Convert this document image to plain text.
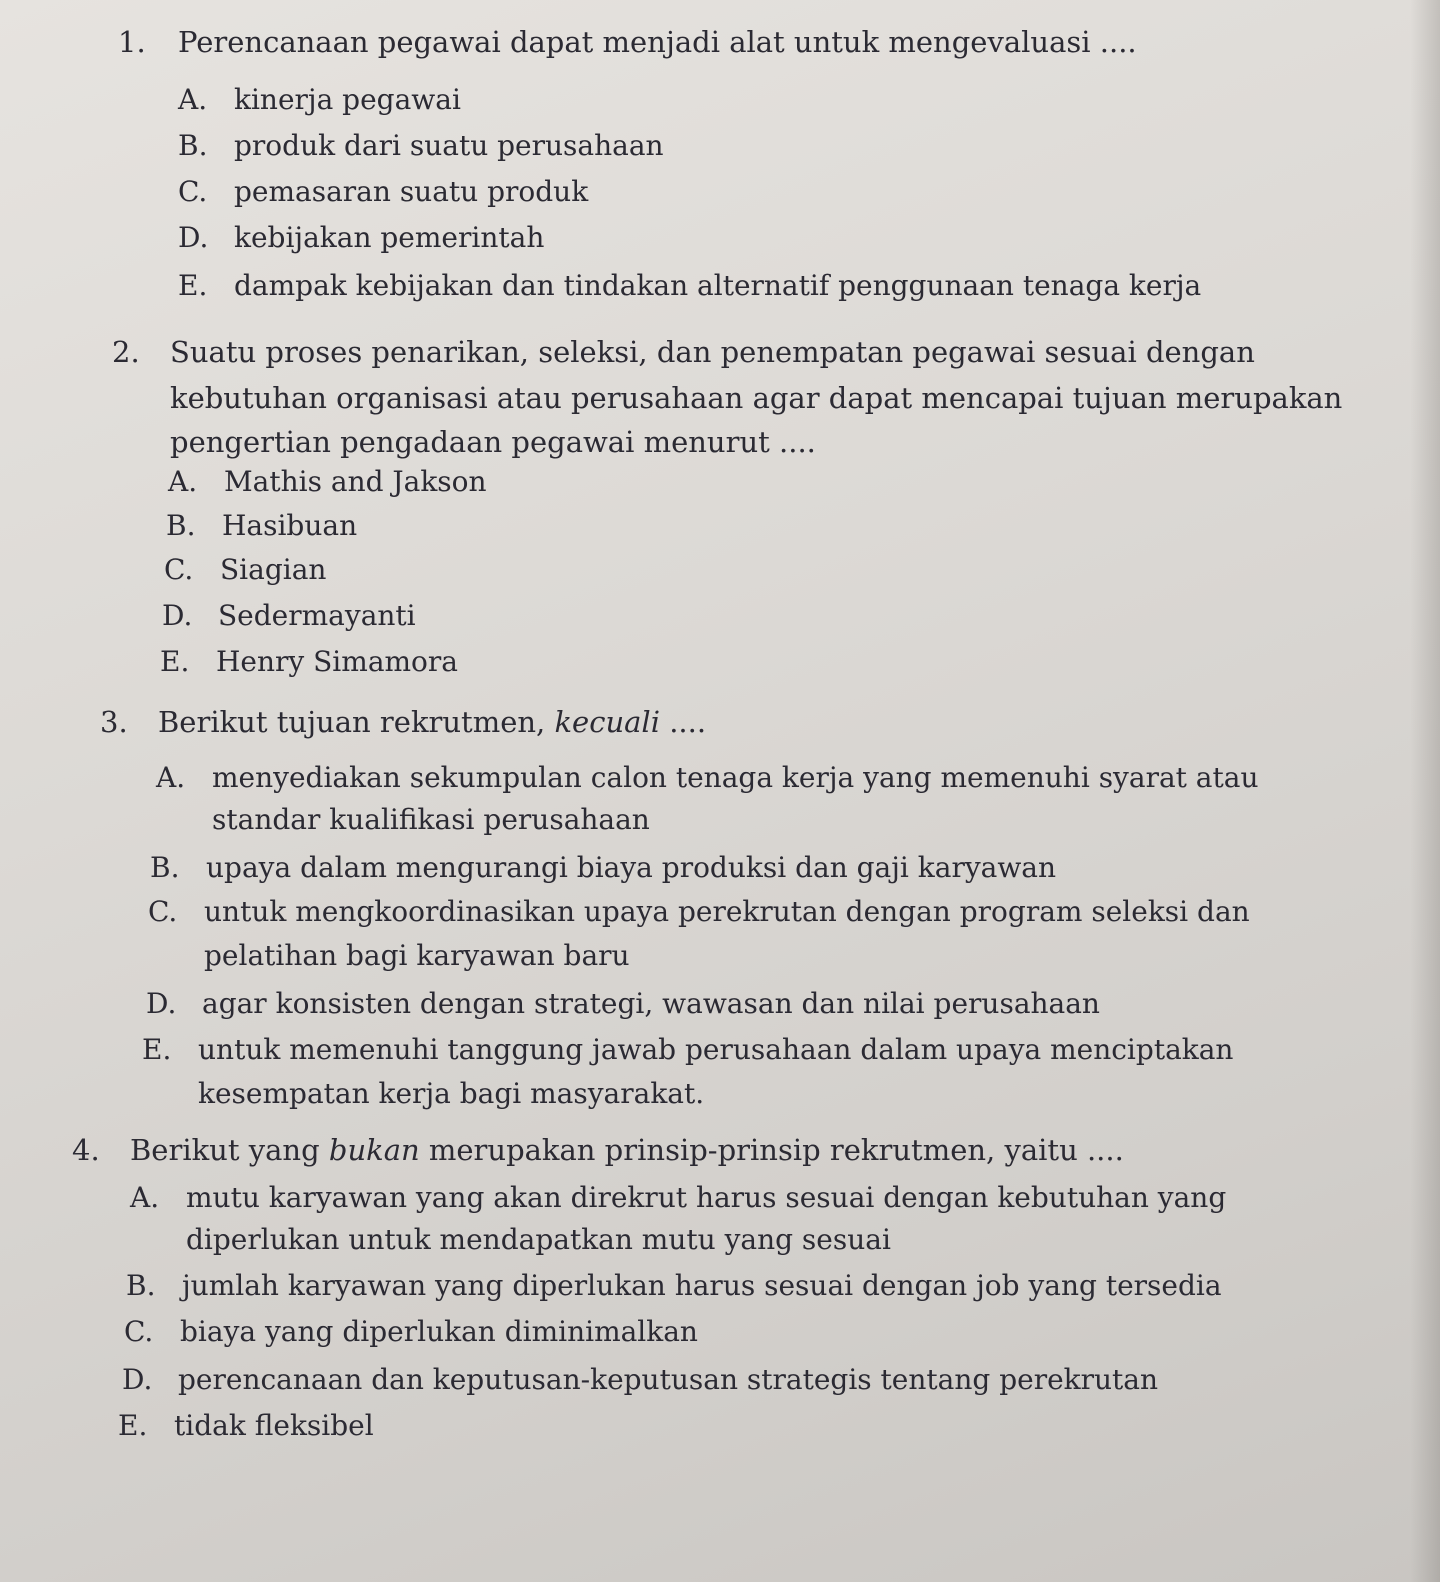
1. Perencanaan pegawai dapat menjadi alat untuk mengevaluasi ....
A. kinerja pegawai
B. produk dari suatu perusahaan
C. pemasaran suatu produk
D. kebijakan pemerintah
E. dampak kebijakan dan tindakan alternatif penggunaan tenaga kerja
2. Suatu proses penarikan, seleksi, dan penempatan pegawai sesuai dengan
kebutuhan organisasi atau perusahaan agar dapat mencapai tujuan merupakan
pengertian pengadaan pegawai menurut ....
A. Mathis and Jakson
B. Hasibuan
C. Siagian
D. Sedermayanti
E. Henry Simamora
3. Berikut tujuan rekrutmen, kecuali ....
A. menyediakan sekumpulan calon tenaga kerja yang memenuhi syarat atau
standar kualifikasi perusahaan
B. upaya dalam mengurangi biaya produksi dan gaji karyawan
C. untuk mengkoordinasikan upaya perekrutan dengan program seleksi dan
pelatihan bagi karyawan baru
D. agar konsisten dengan strategi, wawasan dan nilai perusahaan
E. untuk memenuhi tanggung jawab perusahaan dalam upaya menciptakan
kesempatan kerja bagi masyarakat.
4. Berikut yang bukan merupakan prinsip-prinsip rekrutmen, yaitu ....
A. mutu karyawan yang akan direkrut harus sesuai dengan kebutuhan yang
diperlukan untuk mendapatkan mutu yang sesuai
B. jumlah karyawan yang diperlukan harus sesuai dengan job yang tersedia
C. biaya yang diperlukan diminimalkan
D. perencanaan dan keputusan-keputusan strategis tentang perekrutan
E. tidak fleksibel
